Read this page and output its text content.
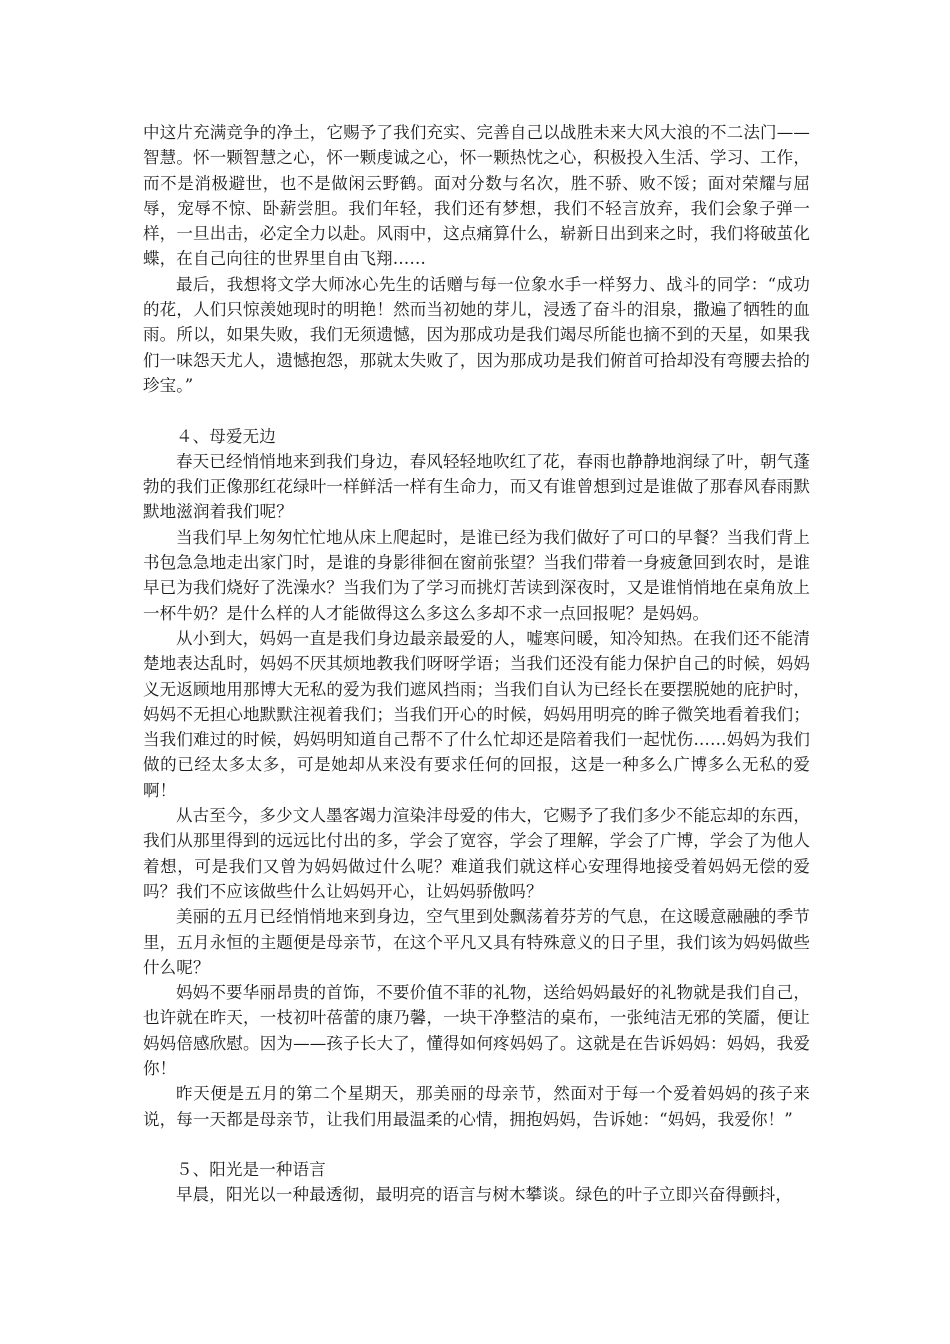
中这片充满竞争的净土，它赐予了我们充实、完善自己以战胜未来大风大浪的不二法门——智慧。怀一颗智慧之心，怀一颗虔诚之心，怀一颗热忱之心，积极投入生活、学习、工作，而不是消极避世，也不是做闲云野鹤。面对分数与名次，胜不骄、败不馁；面对荣耀与屈辱，宠辱不惊、卧薪尝胆。我们年轻，我们还有梦想，我们不轻言放弃，我们会象子弹一样，一旦出击，必定全力以赴。风雨中，这点痛算什么，崭新日出到来之时，我们将破茧化蝶，在自己向往的世界里自由飞翔……

最后，我想将文学大师冰心先生的话赠与每一位象水手一样努力、战斗的同学：“成功的花，人们只惊羡她现时的明艳！然而当初她的芽儿，浸透了奋斗的泪泉，撒遍了牺牲的血雨。所以，如果失败，我们无须遗憾，因为那成功是我们竭尽所能也摘不到的天星，如果我们一味怨天尤人，遗憾抱怨，那就太失败了，因为那成功是我们俯首可拾却没有弯腰去拾的珍宝。”

４、母爱无边

春天已经悄悄地来到我们身边，春风轻轻地吹红了花，春雨也静静地润绿了叶，朝气蓬勃的我们正像那红花绿叶一样鲜活一样有生命力，而又有谁曾想到过是谁做了那春风春雨默默地滋润着我们呢？

当我们早上匆匆忙忙地从床上爬起时，是谁已经为我们做好了可口的早餐？当我们背上书包急急地走出家门时，是谁的身影徘徊在窗前张望？当我们带着一身疲惫回到农时，是谁早已为我们烧好了洗澡水？当我们为了学习而挑灯苦读到深夜时，又是谁悄悄地在桌角放上一杯牛奶？是什么样的人才能做得这么多这么多却不求一点回报呢？是妈妈。

从小到大，妈妈一直是我们身边最亲最爱的人，嘘寒问暖，知冷知热。在我们还不能清楚地表达乱时，妈妈不厌其烦地教我们呀呀学语；当我们还没有能力保护自己的时候，妈妈义无返顾地用那博大无私的爱为我们遮风挡雨；当我们自认为已经长在要摆脱她的庇护时，妈妈不无担心地默默注视着我们；当我们开心的时候，妈妈用明亮的眸子微笑地看着我们；当我们难过的时候，妈妈明知道自己帮不了什么忙却还是陪着我们一起忧伤……妈妈为我们做的已经太多太多，可是她却从来没有要求任何的回报，这是一种多么广博多么无私的爱啊！

从古至今，多少文人墨客竭力渲染沣母爱的伟大，它赐予了我们多少不能忘却的东西，我们从那里得到的远远比付出的多，学会了宽容，学会了理解，学会了广博，学会了为他人着想，可是我们又曾为妈妈做过什么呢？难道我们就这样心安理得地接受着妈妈无偿的爱吗？我们不应该做些什么让妈妈开心，让妈妈骄傲吗？

美丽的五月已经悄悄地来到身边，空气里到处飘荡着芬芳的气息，在这暖意融融的季节里，五月永恒的主题便是母亲节，在这个平凡又具有特殊意义的日子里，我们该为妈妈做些什么呢？

妈妈不要华丽昂贵的首饰，不要价值不菲的礼物，送给妈妈最好的礼物就是我们自己，也许就在昨天，一枝初叶蓓蕾的康乃馨，一块干净整洁的桌布，一张纯洁无邪的笑靥，便让妈妈倍感欣慰。因为——孩子长大了，懂得如何疼妈妈了。这就是在告诉妈妈：妈妈，我爱你！

昨天便是五月的第二个星期天，那美丽的母亲节，然面对于每一个爱着妈妈的孩子来说，每一天都是母亲节，让我们用最温柔的心情，拥抱妈妈，告诉她：“妈妈，我爱你！”

５、阳光是一种语言

早晨，阳光以一种最透彻，最明亮的语言与树木攀谈。绿色的叶子立即兴奋得颤抖，
